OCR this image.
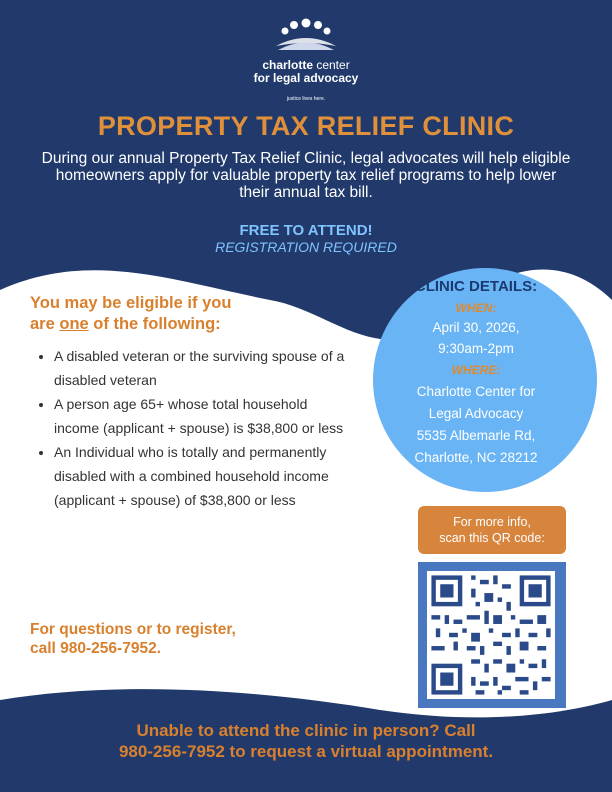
charlotte center
for legal advocacy
justice lives here.
PROPERTY TAX RELIEF CLINIC
During our annual Property Tax Relief Clinic, legal advocates will help eligible homeowners apply for valuable property tax relief programs to help lower their annual tax bill.
FREE TO ATTEND!
REGISTRATION REQUIRED
You may be eligible if you
are one of the following:
• A disabled veteran or the surviving spouse of a disabled veteran
• A person age 65+ whose total household income (applicant + spouse) is $38,800 or less
• An Individual who is totally and permanently disabled with a combined household income (applicant + spouse) of $38,800 or less
For questions or to register,
call 980-256-7952.
CLINIC DETAILS:
WHEN:
April 30, 2026,
9:30am-2pm
WHERE:
Charlotte Center for
Legal Advocacy
5535 Albemarle Rd,
Charlotte, NC 28212
For more info,
scan this QR code:
Unable to attend the clinic in person? Call
980-256-7952 to request a virtual appointment.
